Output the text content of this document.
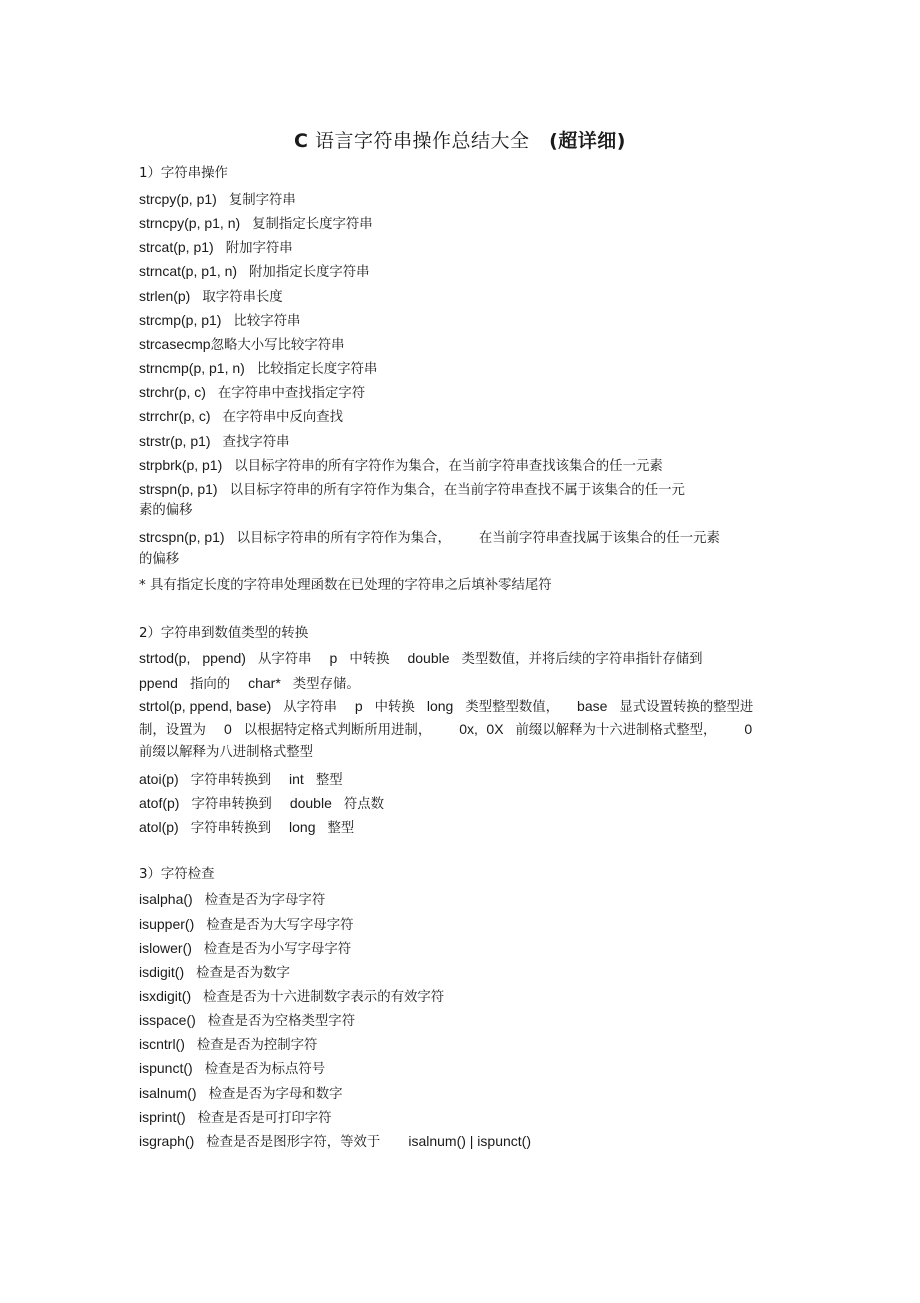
C 语言字符串操作总结大全 (超详细)
1）字符串操作
strcpy(p, p1) 复制字符串
strncpy(p, p1, n) 复制指定长度字符串
strcat(p, p1) 附加字符串
strncat(p, p1, n) 附加指定长度字符串
strlen(p) 取字符串长度
strcmp(p, p1) 比较字符串
strcasecmp忽略大小写比较字符串
strncmp(p, p1, n) 比较指定长度字符串
strchr(p, c) 在字符串中查找指定字符
strrchr(p, c) 在字符串中反向查找
strstr(p, p1) 查找字符串
strpbrk(p, p1) 以目标字符串的所有字符作为集合，在当前字符串查找该集合的任一元素
strspn(p, p1) 以目标字符串的所有字符作为集合，在当前字符串查找不属于该集合的任一元
素的偏移
strcspn(p, p1) 以目标字符串的所有字符作为集合， 在当前字符串查找属于该集合的任一元素
的偏移
* 具有指定长度的字符串处理函数在已处理的字符串之后填补零结尾符
2）字符串到数值类型的转换
strtod(p, ppend) 从字符串 p 中转换 double 类型数值，并将后续的字符串指针存储到
ppend 指向的 char* 类型存储。
strtol(p, ppend, base) 从字符串 p 中转换 long 类型整型数值， base 显式设置转换的整型进
制，设置为 0 以根据特定格式判断所用进制， 0x, 0X 前缀以解释为十六进制格式整型， 0
前缀以解释为八进制格式整型
atoi(p) 字符串转换到 int 整型
atof(p) 字符串转换到 double 符点数
atol(p) 字符串转换到 long 整型
3）字符检查
isalpha() 检查是否为字母字符
isupper() 检查是否为大写字母字符
islower() 检查是否为小写字母字符
isdigit() 检查是否为数字
isxdigit() 检查是否为十六进制数字表示的有效字符
isspace() 检查是否为空格类型字符
iscntrl() 检查是否为控制字符
ispunct() 检查是否为标点符号
isalnum() 检查是否为字母和数字
isprint() 检查是否是可打印字符
isgraph() 检查是否是图形字符，等效于 isalnum() | ispunct()
